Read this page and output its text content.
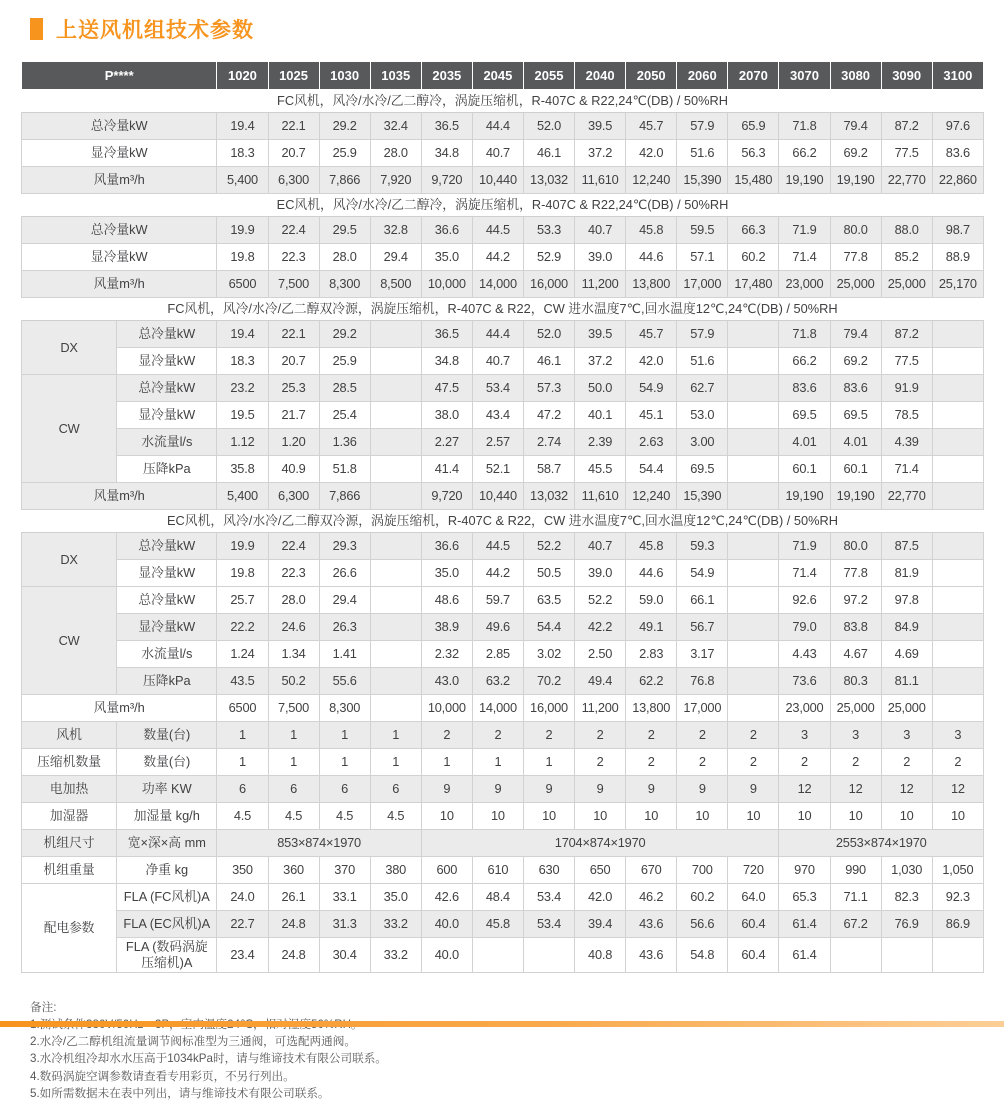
上送风机组技术参数
P****		1020	1025	1030	1035	2035	2045	2055	2040	2050	2060	2070	3070	3080	3090	3100
FC风机，风冷/水冷/乙二醇冷，涡旋压缩机，R-407C & R22,24℃(DB) / 50%RH																
总冷量kW		19.4	22.1	29.2	32.4	36.5	44.4	52.0	39.5	45.7	57.9	65.9	71.8	79.4	87.2	97.6
显冷量kW		18.3	20.7	25.9	28.0	34.8	40.7	46.1	37.2	42.0	51.6	56.3	66.2	69.2	77.5	83.6
风量m³/h		5,400	6,300	7,866	7,920	9,720	10,440	13,032	11,610	12,240	15,390	15,480	19,190	19,190	22,770	22,860
EC风机，风冷/水冷/乙二醇冷，涡旋压缩机，R-407C & R22,24℃(DB) / 50%RH																
总冷量kW		19.9	22.4	29.5	32.8	36.6	44.5	53.3	40.7	45.8	59.5	66.3	71.9	80.0	88.0	98.7
显冷量kW		19.8	22.3	28.0	29.4	35.0	44.2	52.9	39.0	44.6	57.1	60.2	71.4	77.8	85.2	88.9
风量m³/h		6500	7,500	8,300	8,500	10,000	14,000	16,000	11,200	13,800	17,000	17,480	23,000	25,000	25,000	25,170
FC风机，风冷/水冷/乙二醇双冷源，涡旋压缩机，R-407C & R22，CW 进水温度7℃,回水温度12℃,24℃(DB) / 50%RH																
DX	总冷量kW	19.4	22.1	29.2		36.5	44.4	52.0	39.5	45.7	57.9		71.8	79.4	87.2	
	显冷量kW	18.3	20.7	25.9		34.8	40.7	46.1	37.2	42.0	51.6		66.2	69.2	77.5	
CW	总冷量kW	23.2	25.3	28.5		47.5	53.4	57.3	50.0	54.9	62.7		83.6	83.6	91.9	
	显冷量kW	19.5	21.7	25.4		38.0	43.4	47.2	40.1	45.1	53.0		69.5	69.5	78.5	
	水流量l/s	1.12	1.20	1.36		2.27	2.57	2.74	2.39	2.63	3.00		4.01	4.01	4.39	
	压降kPa	35.8	40.9	51.8		41.4	52.1	58.7	45.5	54.4	69.5		60.1	60.1	71.4	
风量m³/h		5,400	6,300	7,866		9,720	10,440	13,032	11,610	12,240	15,390		19,190	19,190	22,770	
EC风机，风冷/水冷/乙二醇双冷源，涡旋压缩机，R-407C & R22，CW 进水温度7℃,回水温度12℃,24℃(DB) / 50%RH																
DX	总冷量kW	19.9	22.4	29.3		36.6	44.5	52.2	40.7	45.8	59.3		71.9	80.0	87.5	
	显冷量kW	19.8	22.3	26.6		35.0	44.2	50.5	39.0	44.6	54.9		71.4	77.8	81.9	
CW	总冷量kW	25.7	28.0	29.4		48.6	59.7	63.5	52.2	59.0	66.1		92.6	97.2	97.8	
	显冷量kW	22.2	24.6	26.3		38.9	49.6	54.4	42.2	49.1	56.7		79.0	83.8	84.9	
	水流量l/s	1.24	1.34	1.41		2.32	2.85	3.02	2.50	2.83	3.17		4.43	4.67	4.69	
	压降kPa	43.5	50.2	55.6		43.0	63.2	70.2	49.4	62.2	76.8		73.6	80.3	81.1	
风量m³/h		6500	7,500	8,300		10,000	14,000	16,000	11,200	13,800	17,000		23,000	25,000	25,000	
风机	数量(台)	1	1	1	1	2	2	2	2	2	2	2	3	3	3	3
压缩机数量	数量(台)	1	1	1	1	1	1	1	2	2	2	2	2	2	2	2
电加热	功率 KW	6	6	6	6	9	9	9	9	9	9	9	12	12	12	12
加湿器	加湿量 kg/h	4.5	4.5	4.5	4.5	10	10	10	10	10	10	10	10	10	10	10
机组尺寸	宽×深×高 mm	853×874×1970				1704×874×1970							2553×874×1970			
机组重量	净重 kg	350	360	370	380	600	610	630	650	670	700	720	970	990	1,030	1,050
配电参数	FLA (FC风机)A	24.0	26.1	33.1	35.0	42.6	48.4	53.4	42.0	46.2	60.2	64.0	65.3	71.1	82.3	92.3
	FLA (EC风机)A	22.7	24.8	31.3	33.2	40.0	45.8	53.4	39.4	43.6	56.6	60.4	61.4	67.2	76.9	86.9
	FLA (数码涡旋 压缩机)A	23.4	24.8	30.4	33.2	40.0			40.8	43.6	54.8	60.4	61.4			
备注:
2.水冷/乙二醇机组流量调节阀标准型为三通阀，可选配两通阀。
3.水冷机组冷却水水压高于1034kPa时，请与维谛技术有限公司联系。
4.数码涡旋空调参数请查看专用彩页，不另行列出。
5.如所需数据未在表中列出，请与维谛技术有限公司联系。
